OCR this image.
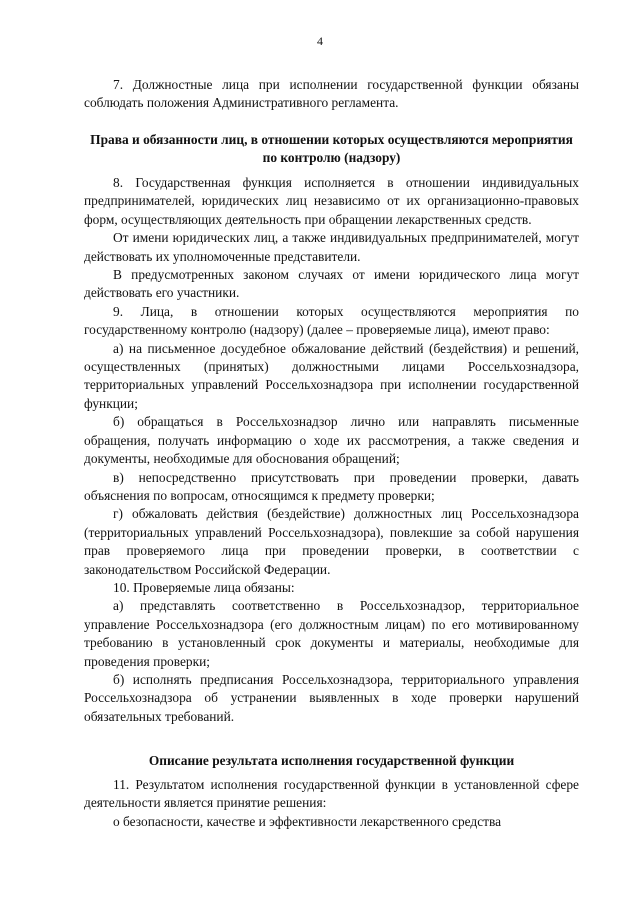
4

7. Должностные лица при исполнении государственной функции обязаны соблюдать положения Административного регламента.

Права и обязанности лиц, в отношении которых осуществляются мероприятия по контролю (надзору)

8. Государственная функция исполняется в отношении индивидуальных предпринимателей, юридических лиц независимо от их организационно-правовых форм, осуществляющих деятельность при обращении лекарственных средств.

От имени юридических лиц, а также индивидуальных предпринимателей, могут действовать их уполномоченные представители.

В предусмотренных законом случаях от имени юридического лица могут действовать его участники.

9. Лица, в отношении которых осуществляются мероприятия по государственному контролю (надзору) (далее – проверяемые лица), имеют право:

а) на письменное досудебное обжалование действий (бездействия) и решений, осуществленных (принятых) должностными лицами Россельхознадзора, территориальных управлений Россельхознадзора при исполнении государственной функции;

б) обращаться в Россельхознадзор лично или направлять письменные обращения, получать информацию о ходе их рассмотрения, а также сведения и документы, необходимые для обоснования обращений;

в) непосредственно присутствовать при проведении проверки, давать объяснения по вопросам, относящимся к предмету проверки;

г) обжаловать действия (бездействие) должностных лиц Россельхознадзора (территориальных управлений Россельхознадзора), повлекшие за собой нарушения прав проверяемого лица при проведении проверки, в соответствии с законодательством Российской Федерации.

10. Проверяемые лица обязаны:

а) представлять соответственно в Россельхознадзор, территориальное управление Россельхознадзора (его должностным лицам) по его мотивированному требованию в установленный срок документы и материалы, необходимые для проведения проверки;

б) исполнять предписания Россельхознадзора, территориального управления Россельхознадзора об устранении выявленных в ходе проверки нарушений обязательных требований.

Описание результата исполнения государственной функции

11. Результатом исполнения государственной функции в установленной сфере деятельности является принятие решения:

о безопасности, качестве и эффективности лекарственного средства
